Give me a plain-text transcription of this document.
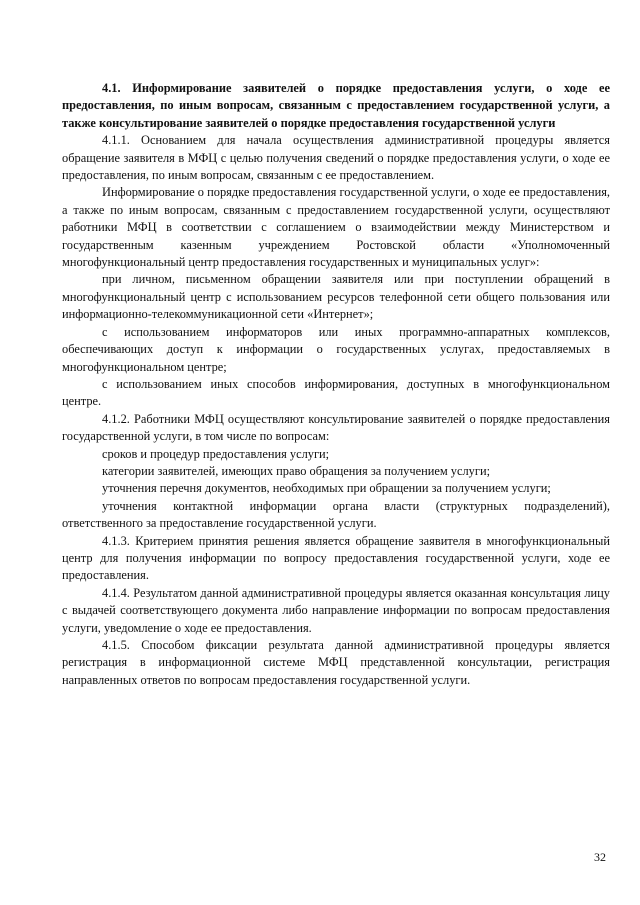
4.1. Информирование заявителей о порядке предоставления услуги, о ходе ее предоставления, по иным вопросам, связанным с предоставлением государственной услуги, а также консультирование заявителей о порядке предоставления государственной услуги

4.1.1. Основанием для начала осуществления административной процедуры является обращение заявителя в МФЦ с целью получения сведений о порядке предоставления услуги, о ходе ее предоставления, по иным вопросам, связанным с ее предоставлением.

Информирование о порядке предоставления государственной услуги, о ходе ее предоставления, а также по иным вопросам, связанным с предоставлением государственной услуги, осуществляют работники МФЦ в соответствии с соглашением о взаимодействии между Министерством и государственным казенным учреждением Ростовской области «Уполномоченный многофункциональный центр предоставления государственных и муниципальных услуг»:

при личном, письменном обращении заявителя или при поступлении обращений в многофункциональный центр с использованием ресурсов телефонной сети общего пользования или информационно-телекоммуникационной сети «Интернет»;

с использованием информаторов или иных программно-аппаратных комплексов, обеспечивающих доступ к информации о государственных услугах, предоставляемых в многофункциональном центре;

с использованием иных способов информирования, доступных в многофункциональном центре.

4.1.2. Работники МФЦ осуществляют консультирование заявителей о порядке предоставления государственной услуги, в том числе по вопросам:

сроков и процедур предоставления услуги;

категории заявителей, имеющих право обращения за получением услуги;

уточнения перечня документов, необходимых при обращении за получением услуги;

уточнения контактной информации органа власти (структурных подразделений), ответственного за предоставление государственной услуги.

4.1.3. Критерием принятия решения является обращение заявителя в многофункциональный центр для получения информации по вопросу предоставления государственной услуги, ходе ее предоставления.

4.1.4. Результатом данной административной процедуры является оказанная консультация лицу с выдачей соответствующего документа либо направление информации по вопросам предоставления услуги, уведомление о ходе ее предоставления.

4.1.5. Способом фиксации результата данной административной процедуры является регистрация в информационной системе МФЦ представленной консультации, регистрация направленных ответов по вопросам предоставления государственной услуги.

32
